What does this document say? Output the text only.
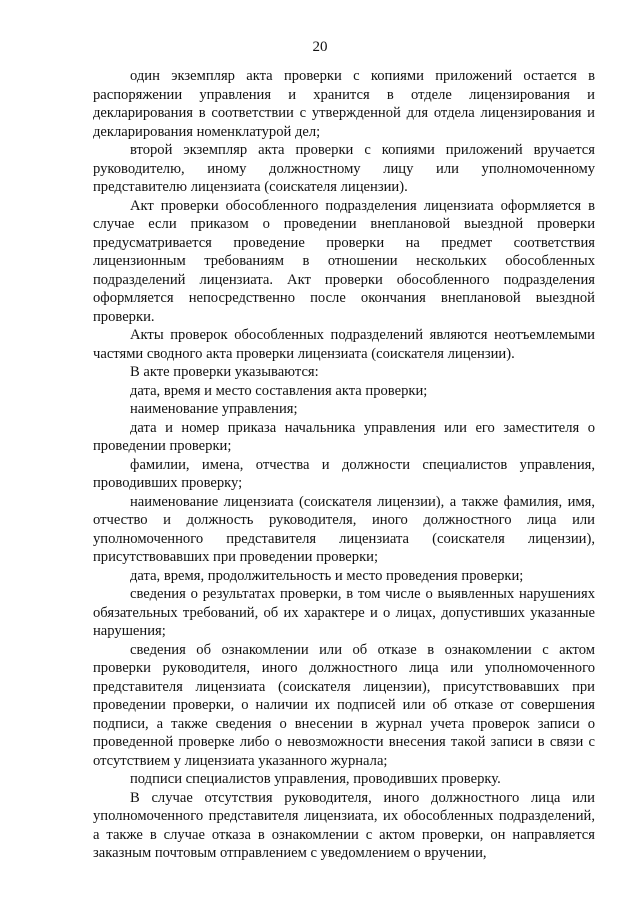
20

один экземпляр акта проверки с копиями приложений остается в распоряжении управления и хранится в отделе лицензирования и декларирования в соответствии с утвержденной для отдела лицензирования и декларирования номенклатурой дел;

второй экземпляр акта проверки с копиями приложений вручается руководителю, иному должностному лицу или уполномоченному представителю лицензиата (соискателя лицензии).

Акт проверки обособленного подразделения лицензиата оформляется в случае если приказом о проведении внеплановой выездной проверки предусматривается проведение проверки на предмет соответствия лицензионным требованиям в отношении нескольких обособленных подразделений лицензиата. Акт проверки обособленного подразделения оформляется непосредственно после окончания внеплановой выездной проверки.

Акты проверок обособленных подразделений являются неотъемлемыми частями сводного акта проверки лицензиата (соискателя лицензии).

В акте проверки указываются:

дата, время и место составления акта проверки;

наименование управления;

дата и номер приказа начальника управления или его заместителя о проведении проверки;

фамилии, имена, отчества и должности специалистов управления, проводивших проверку;

наименование лицензиата (соискателя лицензии), а также фамилия, имя, отчество и должность руководителя, иного должностного лица или уполномоченного представителя лицензиата (соискателя лицензии), присутствовавших при проведении проверки;

дата, время, продолжительность и место проведения проверки;

сведения о результатах проверки, в том числе о выявленных нарушениях обязательных требований, об их характере и о лицах, допустивших указанные нарушения;

сведения об ознакомлении или об отказе в ознакомлении с актом проверки руководителя, иного должностного лица или уполномоченного представителя лицензиата (соискателя лицензии), присутствовавших при проведении проверки, о наличии их подписей или об отказе от совершения подписи, а также сведения о внесении в журнал учета проверок записи о проведенной проверке либо о невозможности внесения такой записи в связи с отсутствием у лицензиата указанного журнала;

подписи специалистов управления, проводивших проверку.

В случае отсутствия руководителя, иного должностного лица или уполномоченного представителя лицензиата, их обособленных подразделений, а также в случае отказа в ознакомлении с актом проверки, он направляется заказным почтовым отправлением с уведомлением о вручении,
